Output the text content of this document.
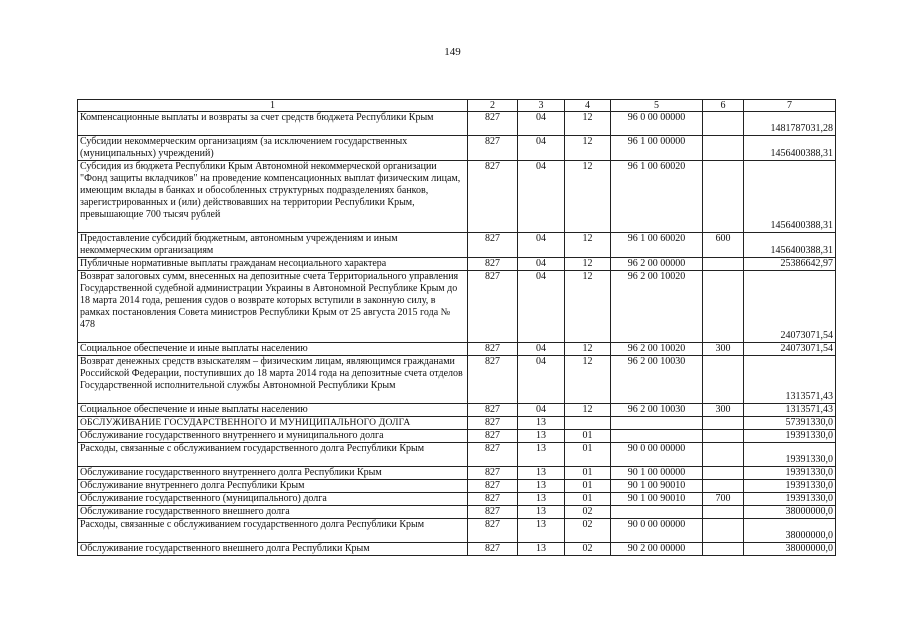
149
1	2	3	4	5	6	7
Компенсационные выплаты и возвраты за счет средств бюджета Республики Крым	827	04	12	96 0 00 00000		1481787031,28
Субсидии некоммерческим организациям (за исключением государственных (муниципальных) учреждений)	827	04	12	96 1 00 00000		1456400388,31
Субсидия из бюджета Республики Крым Автономной некоммерческой организации "Фонд защиты вкладчиков" на проведение компенсационных выплат физическим лицам, имеющим вклады в банках и обособленных структурных подразделениях банков, зарегистрированных и (или) действовавших на территории Республики Крым, превышающие 700 тысяч рублей	827	04	12	96 1 00 60020		1456400388,31
Предоставление субсидий бюджетным, автономным учреждениям и иным некоммерческим организациям	827	04	12	96 1 00 60020	600	1456400388,31
Публичные нормативные выплаты гражданам несоциального характера	827	04	12	96 2 00 00000		25386642,97
Возврат залоговых сумм, внесенных на депозитные счета Территориального управления Государственной судебной администрации Украины в Автономной Республике Крым до 18 марта 2014 года, решения судов о возврате которых вступили в законную силу, в рамках постановления Совета министров Республики Крым от 25 августа 2015 года № 478	827	04	12	96 2 00 10020		24073071,54
Социальное обеспечение и иные выплаты населению	827	04	12	96 2 00 10020	300	24073071,54
Возврат денежных средств взыскателям – физическим лицам, являющимся гражданами Российской Федерации, поступивших до 18 марта 2014 года на депозитные счета отделов Государственной исполнительной службы Автономной Республики Крым	827	04	12	96 2 00 10030		1313571,43
Социальное обеспечение и иные выплаты населению	827	04	12	96 2 00 10030	300	1313571,43
ОБСЛУЖИВАНИЕ ГОСУДАРСТВЕННОГО И МУНИЦИПАЛЬНОГО ДОЛГА	827	13				57391330,0
Обслуживание государственного внутреннего и муниципального долга	827	13	01			19391330,0
Расходы, связанные с обслуживанием государственного долга Республики Крым	827	13	01	90 0 00 00000		19391330,0
Обслуживание государственного внутреннего долга Республики Крым	827	13	01	90 1 00 00000		19391330,0
Обслуживание внутреннего долга Республики Крым	827	13	01	90 1 00 90010		19391330,0
Обслуживание государственного (муниципального) долга	827	13	01	90 1 00 90010	700	19391330,0
Обслуживание государственного внешнего долга	827	13	02			38000000,0
Расходы, связанные с обслуживанием государственного долга Республики Крым	827	13	02	90 0 00 00000		38000000,0
Обслуживание государственного внешнего долга Республики Крым	827	13	02	90 2 00 00000		38000000,0
